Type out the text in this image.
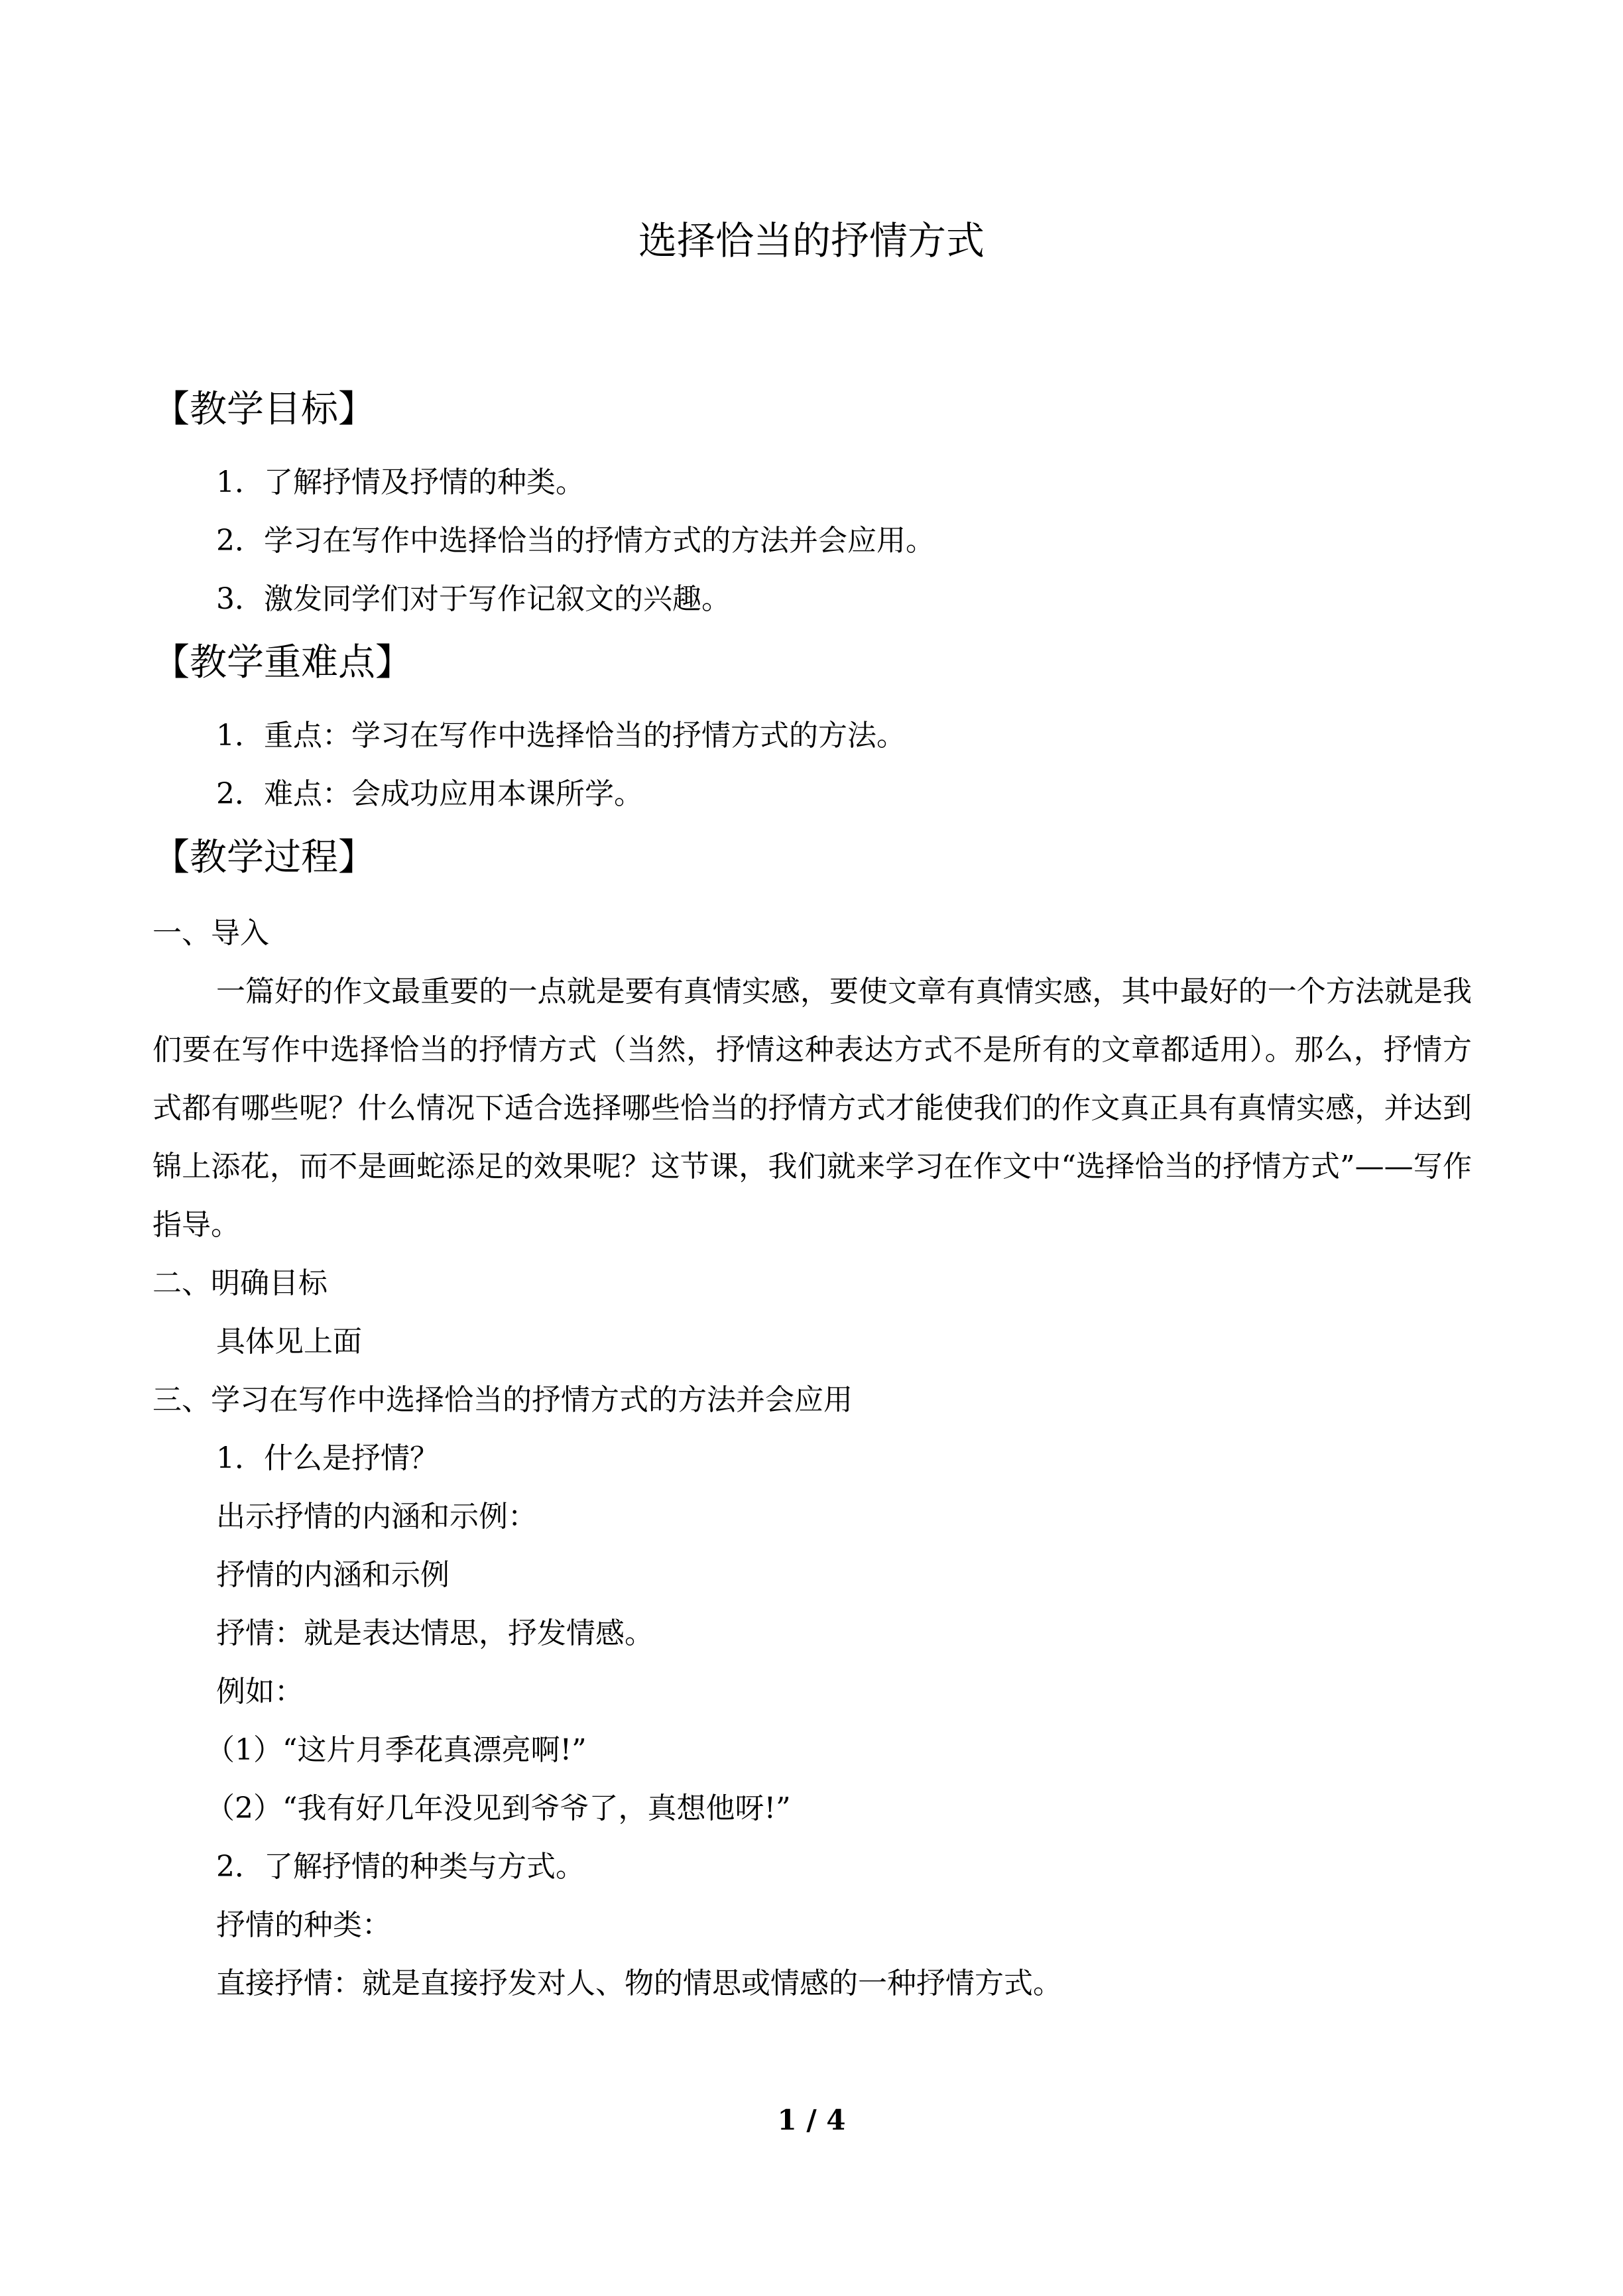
选择恰当的抒情方式
【教学目标】

1．了解抒情及抒情的种类。

2．学习在写作中选择恰当的抒情方式的方法并会应用。

3．激发同学们对于写作记叙文的兴趣。

【教学重难点】

1．重点：学习在写作中选择恰当的抒情方式的方法。

2．难点：会成功应用本课所学。

【教学过程】

一、导入

一篇好的作文最重要的一点就是要有真情实感，要使文章有真情实感，其中最好的一个方法就是我们要在写作中选择恰当的抒情方式（当然，抒情这种表达方式不是所有的文章都适用）。那么，抒情方式都有哪些呢？什么情况下适合选择哪些恰当的抒情方式才能使我们的作文真正具有真情实感，并达到锦上添花，而不是画蛇添足的效果呢？这节课，我们就来学习在作文中“选择恰当的抒情方式”——写作指导。

二、明确目标

具体见上面

三、学习在写作中选择恰当的抒情方式的方法并会应用

1．什么是抒情？

出示抒情的内涵和示例：

抒情的内涵和示例

抒情：就是表达情思，抒发情感。

例如：

（1）“这片月季花真漂亮啊!”

（2）“我有好几年没见到爷爷了，真想他呀!”

2．了解抒情的种类与方式。

抒情的种类：

直接抒情：就是直接抒发对人、物的情思或情感的一种抒情方式。

1 / 4
